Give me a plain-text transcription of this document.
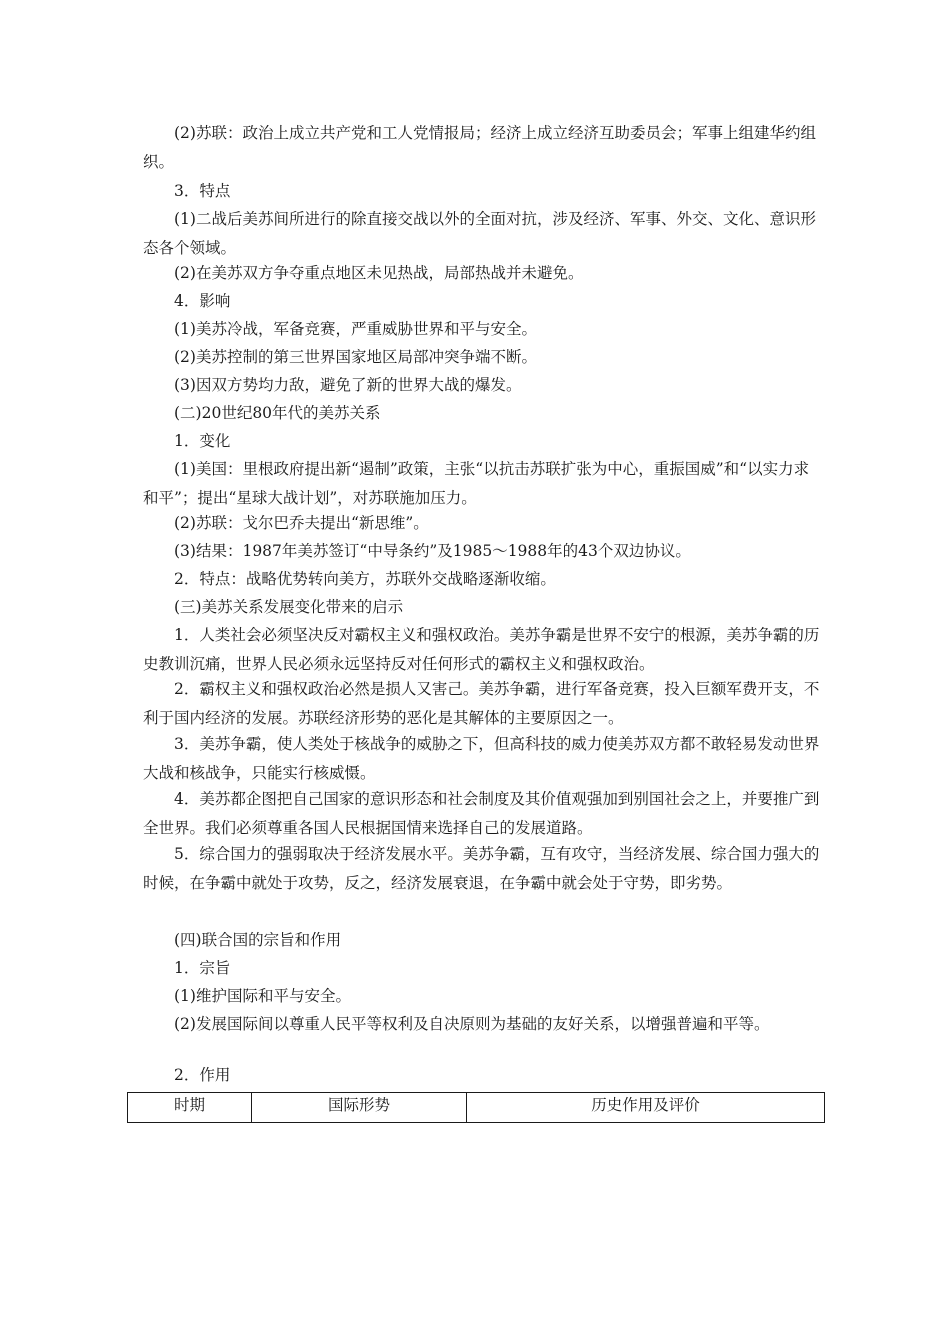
(2)苏联：政治上成立共产党和工人党情报局；经济上成立经济互助委员会；军事上组建华约组织。

3．特点

(1)二战后美苏间所进行的除直接交战以外的全面对抗，涉及经济、军事、外交、文化、意识形态各个领域。

(2)在美苏双方争夺重点地区未见热战，局部热战并未避免。

4．影响

(1)美苏冷战，军备竞赛，严重威胁世界和平与安全。

(2)美苏控制的第三世界国家地区局部冲突争端不断。

(3)因双方势均力敌，避免了新的世界大战的爆发。

(二)20世纪80年代的美苏关系

1．变化

(1)美国：里根政府提出新“遏制”政策，主张“以抗击苏联扩张为中心，重振国威”和“以实力求和平”；提出“星球大战计划”，对苏联施加压力。

(2)苏联：戈尔巴乔夫提出“新思维”。

(3)结果：1987年美苏签订“中导条约”及1985～1988年的43个双边协议。

2．特点：战略优势转向美方，苏联外交战略逐渐收缩。

(三)美苏关系发展变化带来的启示

1．人类社会必须坚决反对霸权主义和强权政治。美苏争霸是世界不安宁的根源，美苏争霸的历史教训沉痛，世界人民必须永远坚持反对任何形式的霸权主义和强权政治。

2．霸权主义和强权政治必然是损人又害己。美苏争霸，进行军备竞赛，投入巨额军费开支，不利于国内经济的发展。苏联经济形势的恶化是其解体的主要原因之一。

3．美苏争霸，使人类处于核战争的威胁之下，但高科技的威力使美苏双方都不敢轻易发动世界大战和核战争，只能实行核威慑。

4．美苏都企图把自己国家的意识形态和社会制度及其价值观强加到别国社会之上，并要推广到全世界。我们必须尊重各国人民根据国情来选择自己的发展道路。

5．综合国力的强弱取决于经济发展水平。美苏争霸，互有攻守，当经济发展、综合国力强大的时候，在争霸中就处于攻势，反之，经济发展衰退，在争霸中就会处于守势，即劣势。

(四)联合国的宗旨和作用

1．宗旨

(1)维护国际和平与安全。

(2)发展国际间以尊重人民平等权利及自决原则为基础的友好关系，以增强普遍和平等。

2．作用

时期	国际形势	历史作用及评价
